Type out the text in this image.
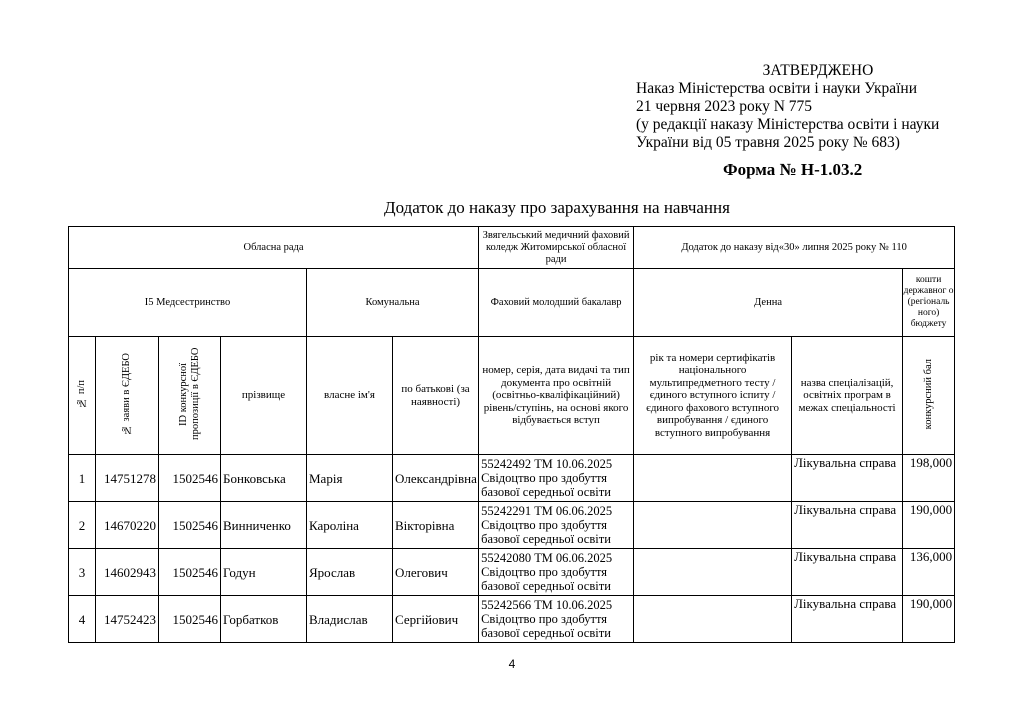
ЗАТВЕРДЖЕНО
Наказ Міністерства освіти і науки України
21 червня 2023 року N 775
(у редакції наказу Міністерства освіти і науки
України від 05 травня 2025 року № 683)
Форма № Н-1.03.2
Додаток до наказу про зарахування на навчання
Обласна рада						Звягельський медичний фаховий коледж Житомирської обласної ради	Додаток до наказу від«30» липня 2025 року № 110		
I5 Медсестринство				Комунальна		Фаховий молодший бакалавр	Денна		кошти державног о (регіональ ного) бюджету
№ п/п	№ заяви в ЄДЕБО	ID конкурсної пропозиції в ЄДЕБО	прізвище	власне ім'я	по батькові (за наявності)	номер, серія, дата видачі та тип документа про освітній (освітньо-кваліфікаційний) рівень/ступінь, на основі якого відбувається вступ	рік та номери сертифікатів національного мультипредметного тесту / єдиного вступного іспиту / єдиного фахового вступного випробування / єдиного вступного випробування	назва спеціалізацій, освітніх програм в межах спеціальності	конкурсний бал
1	14751278	1502546	Бонковська	Марія	Олександрівна	55242492 ТМ 10.06.2025 Свідоцтво про здобуття базової середньої освіти		Лікувальна справа	198,000
2	14670220	1502546	Винниченко	Кароліна	Вікторівна	55242291 ТМ 06.06.2025 Свідоцтво про здобуття базової середньої освіти		Лікувальна справа	190,000
3	14602943	1502546	Годун	Ярослав	Олегович	55242080 ТМ 06.06.2025 Свідоцтво про здобуття базової середньої освіти		Лікувальна справа	136,000
4	14752423	1502546	Горбатков	Владислав	Сергійович	55242566 ТМ 10.06.2025 Свідоцтво про здобуття базової середньої освіти		Лікувальна справа	190,000
4
